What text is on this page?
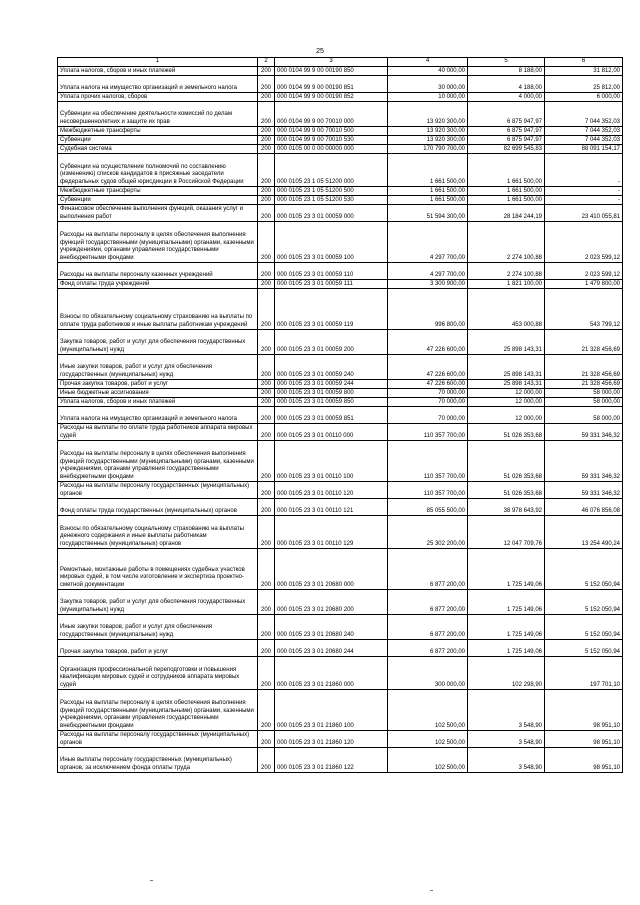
25
1	2	3	4	5	6
Уплата налогов, сборов и иных платежей	200	000 0104 99 9 00 00190 850	40 000,00	8 188,00	31 812,00
Уплата налога на имущество организаций и земельного налога	200	000 0104 99 9 00 00190 851	30 000,00	4 188,00	25 812,00
Уплата прочих налогов, сборов	200	000 0104 99 9 00 00190 852	10 000,00	4 000,00	6 000,00
Субвенции на обеспечение деятельности комиссий по делам несовершеннолетних и защите их прав	200	000 0104 99 9 00 70010 000	13 920 300,00	6 875 947,97	7 044 352,03
Межбюджетные трансферты	200	000 0104 99 9 00 70010 500	13 920 300,00	6 875 947,97	7 044 352,03
Субвенции	200	000 0104 99 9 00 70010 530	13 920 300,00	6 875 947,97	7 044 352,03
Судебная система	200	000 0105 00 0 00 00000 000	170 790 700,00	82 699 545,83	88 091 154,17
Субвенции на осуществление полномочий по составлению (изменению) списков кандидатов в присяжные заседатели федеральных судов общей юрисдикции в Российской Федерации	200	000 0105 23 1 05 51200 000	1 661 500,00	1 661 500,00	-
Межбюджетные трансферты	200	000 0105 23 1 05 51200 500	1 661 500,00	1 661 500,00	-
Субвенции	200	000 0105 23 1 05 51200 530	1 661 500,00	1 661 500,00	-
Финансовое обеспечение выполнения функций, оказания услуг и выполнения работ	200	000 0105 23 3 01 00059 000	51 594 300,00	28 184 244,19	23 410 055,81
Расходы на выплаты персоналу в целях обеспечения выполнения функций государственными (муниципальными) органами, казенными учреждениями, органами управления государственными внебюджетными фондами	200	000 0105 23 3 01 00059 100	4 297 700,00	2 274 100,88	2 023 599,12
Расходы на выплаты персоналу казенных учреждений	200	000 0105 23 3 01 00059 110	4 297 700,00	2 274 100,88	2 023 599,12
Фонд оплаты труда учреждений	200	000 0105 23 3 01 00059 111	3 300 900,00	1 821 100,00	1 479 800,00
Взносы по обязательному социальному страхованию на выплаты по оплате труда работников и иные выплаты работникам учреждений	200	000 0105 23 3 01 00059 119	996 800,00	453 000,88	543 799,12
Закупка товаров, работ и услуг для обеспечения государственных (муниципальных) нужд	200	000 0105 23 3 01 00059 200	47 226 600,00	25 898 143,31	21 328 456,69
Иные закупки товаров, работ и услуг для обеспечения государственных (муниципальных) нужд	200	000 0105 23 3 01 00059 240	47 226 600,00	25 898 143,31	21 328 456,69
Прочая закупка товаров, работ и услуг	200	000 0105 23 3 01 00059 244	47 226 600,00	25 898 143,31	21 328 456,69
Иные бюджетные ассигнования	200	000 0105 23 3 01 00059 800	70 000,00	12 000,00	58 000,00
Уплата налогов, сборов и иных платежей	200	000 0105 23 3 01 00059 850	70 000,00	12 000,00	58 000,00
Уплата налога на имущество организаций и земельного налога	200	000 0105 23 3 01 00059 851	70 000,00	12 000,00	58 000,00
Расходы на выплаты по оплате труда работников аппарата мировых судей	200	000 0105 23 3 01 00110 000	110 357 700,00	51 026 353,68	59 331 346,32
Расходы на выплаты персоналу в целях обеспечения выполнения функций государственными (муниципальными) органами, казенными учреждениями, органами управления государственными внебюджетными фондами	200	000 0105 23 3 01 00110 100	110 357 700,00	51 026 353,68	59 331 346,32
Расходы на выплаты персоналу государственных (муниципальных) органов	200	000 0105 23 3 01 00110 120	110 357 700,00	51 026 353,68	59 331 346,32
Фонд оплаты труда государственных (муниципальных) органов	200	000 0105 23 3 01 00110 121	85 055 500,00	38 978 643,92	46 076 856,08
Взносы по обязательному социальному страхованию на выплаты денежного содержания и иные выплаты работникам государственных (муниципальных) органов	200	000 0105 23 3 01 00110 129	25 302 200,00	12 047 709,76	13 254 490,24
Ремонтные, монтажные работы в помещениях судебных участков мировых судей, в том числе изготовление и экспертиза проектно-сметной документации	200	000 0105 23 3 01 20680 000	6 877 200,00	1 725 149,06	5 152 050,94
Закупка товаров, работ и услуг для обеспечения государственных (муниципальных) нужд	200	000 0105 23 3 01 20680 200	6 877 200,00	1 725 149,06	5 152 050,94
Иные закупки товаров, работ и услуг для обеспечения государственных (муниципальных) нужд	200	000 0105 23 3 01 20680 240	6 877 200,00	1 725 149,06	5 152 050,94
Прочая закупка товаров, работ и услуг	200	000 0105 23 3 01 20680 244	6 877 200,00	1 725 149,06	5 152 050,94
Организация профессиональной переподготовки и повышения квалификации мировых судей и сотрудников аппарата мировых судей	200	000 0105 23 3 01 21860 000	300 000,00	102 298,90	197 701,10
Расходы на выплаты персоналу в целях обеспечения выполнения функций государственными (муниципальными) органами, казенными учреждениями, органами управления государственными внебюджетными фондами	200	000 0105 23 3 01 21860 100	102 500,00	3 548,90	98 951,10
Расходы на выплаты персоналу государственных (муниципальных) органов	200	000 0105 23 3 01 21860 120	102 500,00	3 548,90	98 951,10
Иные выплаты персоналу государственных (муниципальных) органов, за исключением фонда оплаты труда	200	000 0105 23 3 01 21860 122	102 500,00	3 548,90	98 951,10
